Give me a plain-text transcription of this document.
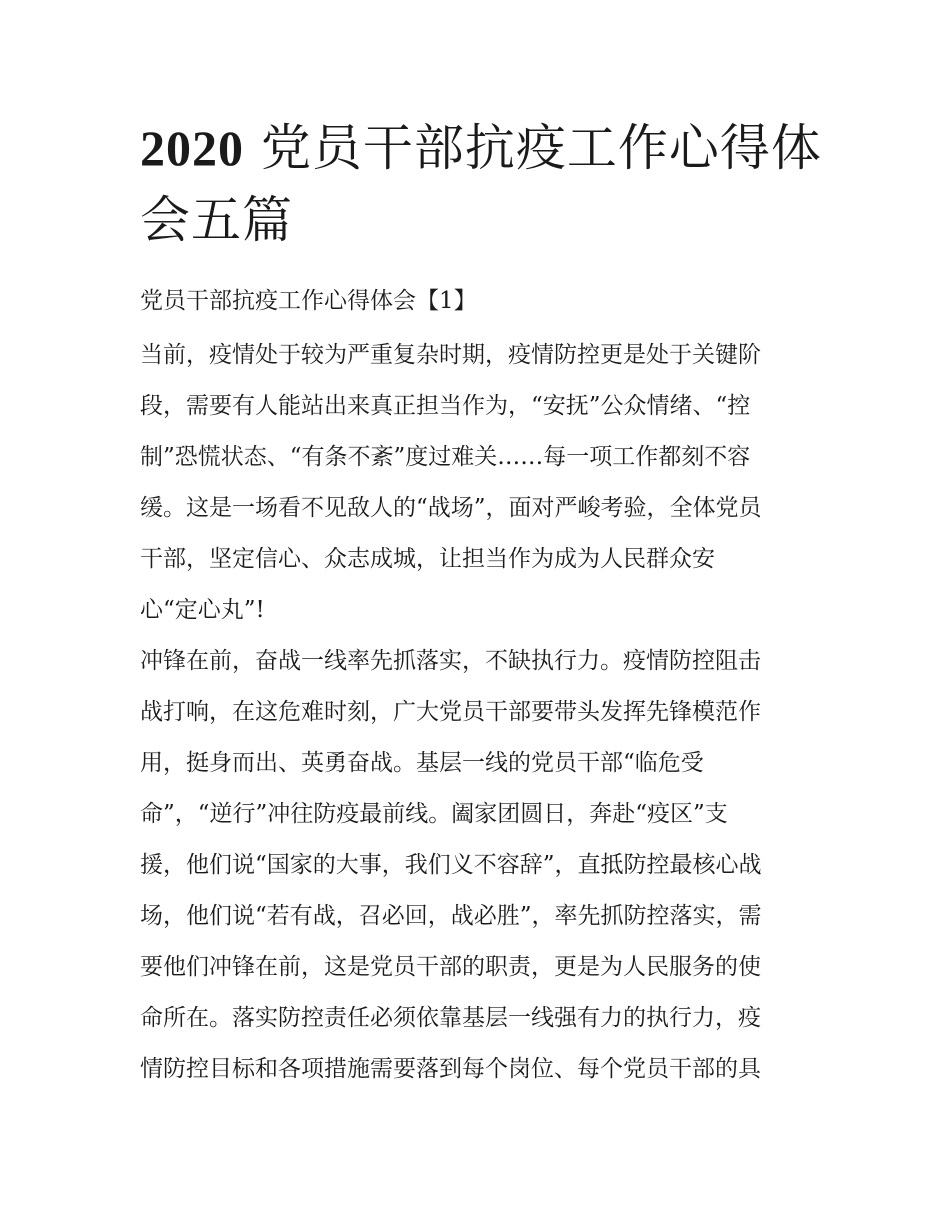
2020 党员干部抗疫工作心得体
会五篇
党员干部抗疫工作心得体会【1】
当前，疫情处于较为严重复杂时期，疫情防控更是处于关键阶
段，需要有人能站出来真正担当作为，“安抚”公众情绪、“控
制”恐慌状态、“有条不紊”度过难关……每一项工作都刻不容
缓。这是一场看不见敌人的“战场”，面对严峻考验，全体党员
干部，坚定信心、众志成城，让担当作为成为人民群众安
心“定心丸”!
冲锋在前，奋战一线率先抓落实，不缺执行力。疫情防控阻击
战打响，在这危难时刻，广大党员干部要带头发挥先锋模范作
用，挺身而出、英勇奋战。基层一线的党员干部“临危受
命”，“逆行”冲往防疫最前线。阖家团圆日，奔赴“疫区”支
援，他们说“国家的大事，我们义不容辞”，直抵防控最核心战
场，他们说“若有战，召必回，战必胜”，率先抓防控落实，需
要他们冲锋在前，这是党员干部的职责，更是为人民服务的使
命所在。落实防控责任必须依靠基层一线强有力的执行力，疫
情防控目标和各项措施需要落到每个岗位、每个党员干部的具
